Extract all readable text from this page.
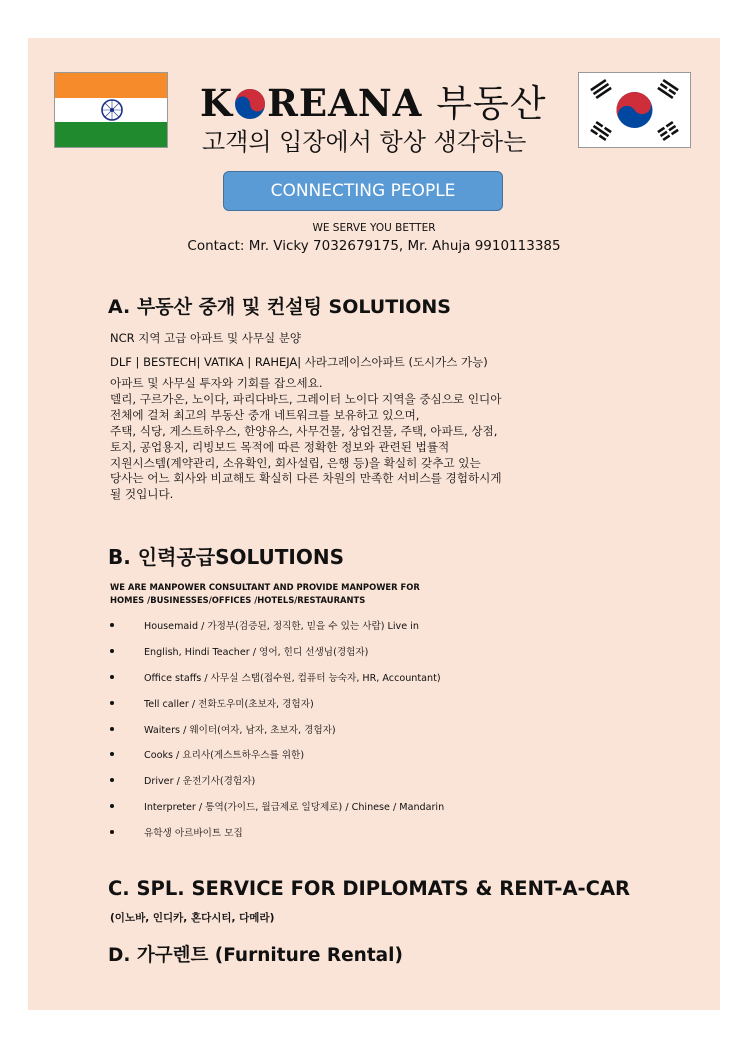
K REANA 부동산
고객의 입장에서 항상 생각하는
CONNECTING PEOPLE
WE SERVE YOU BETTER
Contact: Mr. Vicky 7032679175, Mr. Ahuja 9910113385
A. 부동산 중개 및 컨설팅 SOLUTIONS
NCR 지역 고급 아파트 및 사무실 분양
DLF | BESTECH| VATIKA | RAHEJA| 사라그레이스아파트 (도시가스 가능)
아파트 및 사무실 투자와 기회를 잡으세요.
델리, 구르가온, 노이다, 파리다바드, 그레이터 노이다 지역을 중심으로 인디아
전체에 걸쳐 최고의 부동산 중개 네트워크를 보유하고 있으며,
주택, 식당, 게스트하우스, 한양유스, 사무건물, 상업건물, 주택, 아파트, 상점,
토지, 공업용지, 리빙보드 목적에 따른 정확한 정보와 관련된 법률적
지원시스템(계약관리, 소유확인, 회사설립, 은행 등)을 확실히 갖추고 있는
당사는 어느 회사와 비교해도 확실히 다른 차원의 만족한 서비스를 경험하시게
될 것입니다.
B. 인력공급SOLUTIONS
WE ARE MANPOWER CONSULTANT AND PROVIDE MANPOWER FOR
HOMES /BUSINESSES/OFFICES /HOTELS/RESTAURANTS
Housemaid / 가정부(검증된, 정직한, 믿을 수 있는 사람) Live in
English, Hindi Teacher / 영어, 힌디 선생님(경험자)
Office staffs / 사무실 스탭(접수원, 컴퓨터 능숙자, HR, Accountant)
Tell caller / 전화도우미(초보자, 경험자)
Waiters / 웨이터(여자, 남자, 초보자, 경험자)
Cooks / 요리사(게스트하우스를 위한)
Driver / 운전기사(경험자)
Interpreter / 통역(가이드, 월급제로 일당제로) / Chinese / Mandarin
유학생 아르바이트 모집
C. SPL. SERVICE FOR DIPLOMATS & RENT-A-CAR
(이노바, 인디카, 혼다시티, 다메라)
D. 가구렌트 (Furniture Rental)
